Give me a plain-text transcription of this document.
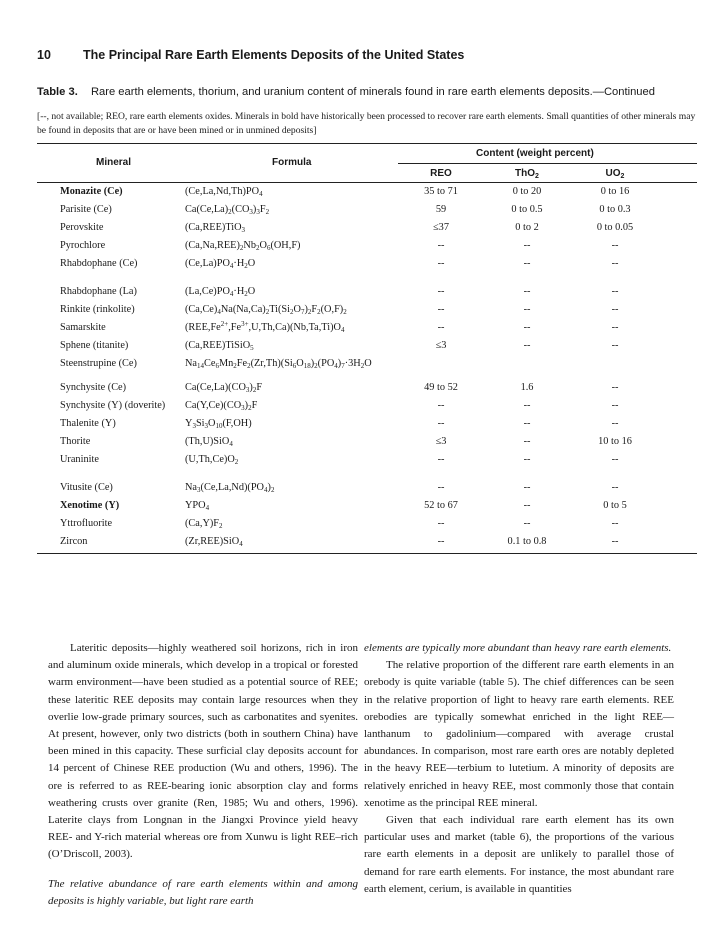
10	The Principal Rare Earth Elements Deposits of the United States
Table 3. Rare earth elements, thorium, and uranium content of minerals found in rare earth elements deposits.—Continued
[--, not available; REO, rare earth elements oxides. Minerals in bold have historically been processed to recover rare earth elements. Small quantities of other minerals may be found in deposits that are or have been mined or in unmined deposits]
Mineral	Formula
Content (weight percent)
REO	ThO$_2$	$UO_2$
Monazite (Ce)	$(Ce,La,Nd,Th)PO_4$	35 to 71	0 to 20	0 to 16
Parisite (Ce)	$Ca(Ce,La)_2(CO_3)_3F_2$	59	0 to 0.5	0 to 0.3
Perovskite	(Ca,REE)TiO$_3$	≤37	0 to 2	0 to 0.05
Pyrochlore	$(Ca,Na,REE)_2Nb_2O_6(OH,F)$	--	--	--
Rhabdophane (Ce)	$(Ce,La)PO_4\cdot H_2O$	--	--	--
Rhabdophane (La)	$(La,Ce)PO_4\cdot H_2O$	--	--	--
Rinkite (rinkolite)	$(Ca,Ce)_4Na(Na,Ca)_2Ti(Si_2O_7)_2F_2(O,F)_2$	--	--	--
Samarskite	$(REE,Fe^{2+},Fe^{3+},U,Th,Ca)(Nb,Ta,Ti)O_4$	--	--	--
Sphene (titanite)	(Ca,REE)TiSiO$_5$	≤3	--	--
Steenstrupine (Ce)	$Na_{14}Ce_6Mn_2Fe_2(Zr,Th)(Si_6O_{18})_2(PO_4)_7\cdot 3H_2O$
Synchysite (Ce)	$Ca(Ce,La)(CO_3)_2F$	49 to 52	1.6	--
Synchysite (Y) (doverite) $Ca(Y,Ce)(CO_3)_2F$	--	--	--
Thalenite (Y)	$Y_3Si_3O_{10}(F,OH)$	--	--	--
Thorite	(Th,U)SiO$_4$	≤3	--	10 to 16
Uraninite	$(U,Th,Ce)O_2$	--	--	--
Vitusite (Ce)	$Na_3(Ce,La,Nd)(PO_4)_2$	--	--	--
Xenotime (Y)	$YPO_4$	52 to 67	--	0 to 5
Yttrofluorite	$(Ca,Y)F_2$	--	--	--
Zircon	(Zr,REE)SiO$_4$	--	0.1 to 0.8	--

Lateritic deposits—highly weathered soil horizons, rich in iron and aluminum oxide minerals, which develop in a tropical or forested warm environment—have been studied as a potential source of REE; these lateritic REE deposits may contain large resources when they overlie low-grade primary sources, such as carbonatites and syenites. At present, however, only two districts (both in southern China) have been mined in this capacity. These surficial clay deposits account for 14 percent of Chinese REE production (Wu and others, 1996). The ore is referred to as REE-bearing ionic absorption clay and forms weathering crusts over granite (Ren, 1985; Wu and others, 1996). Laterite clays from Longnan in the Jiangxi Province yield heavy REE- and Y-rich material whereas ore from Xunwu is light REE–rich (O’Driscoll, 2003).

The relative abundance of rare earth elements within and among deposits is highly variable, but light rare earth

elements are typically more abundant than heavy rare earth elements.

The relative proportion of the different rare earth elements in an orebody is quite variable (table 5). The chief differences can be seen in the relative proportion of light to heavy rare earth elements. REE orebodies are typically somewhat enriched in the light REE—lanthanum to gadolinium—compared with average crustal abundances. In comparison, most rare earth ores are notably depleted in the heavy REE—terbium to lutetium. A minority of deposits are relatively enriched in heavy REE, most commonly those that contain xenotime as the principal REE mineral.

Given that each individual rare earth element has its own particular uses and market (table 6), the proportions of the various rare earth elements in a deposit are unlikely to parallel those of demand for rare earth elements. For instance, the most abundant rare earth element, cerium, is available in quantities
